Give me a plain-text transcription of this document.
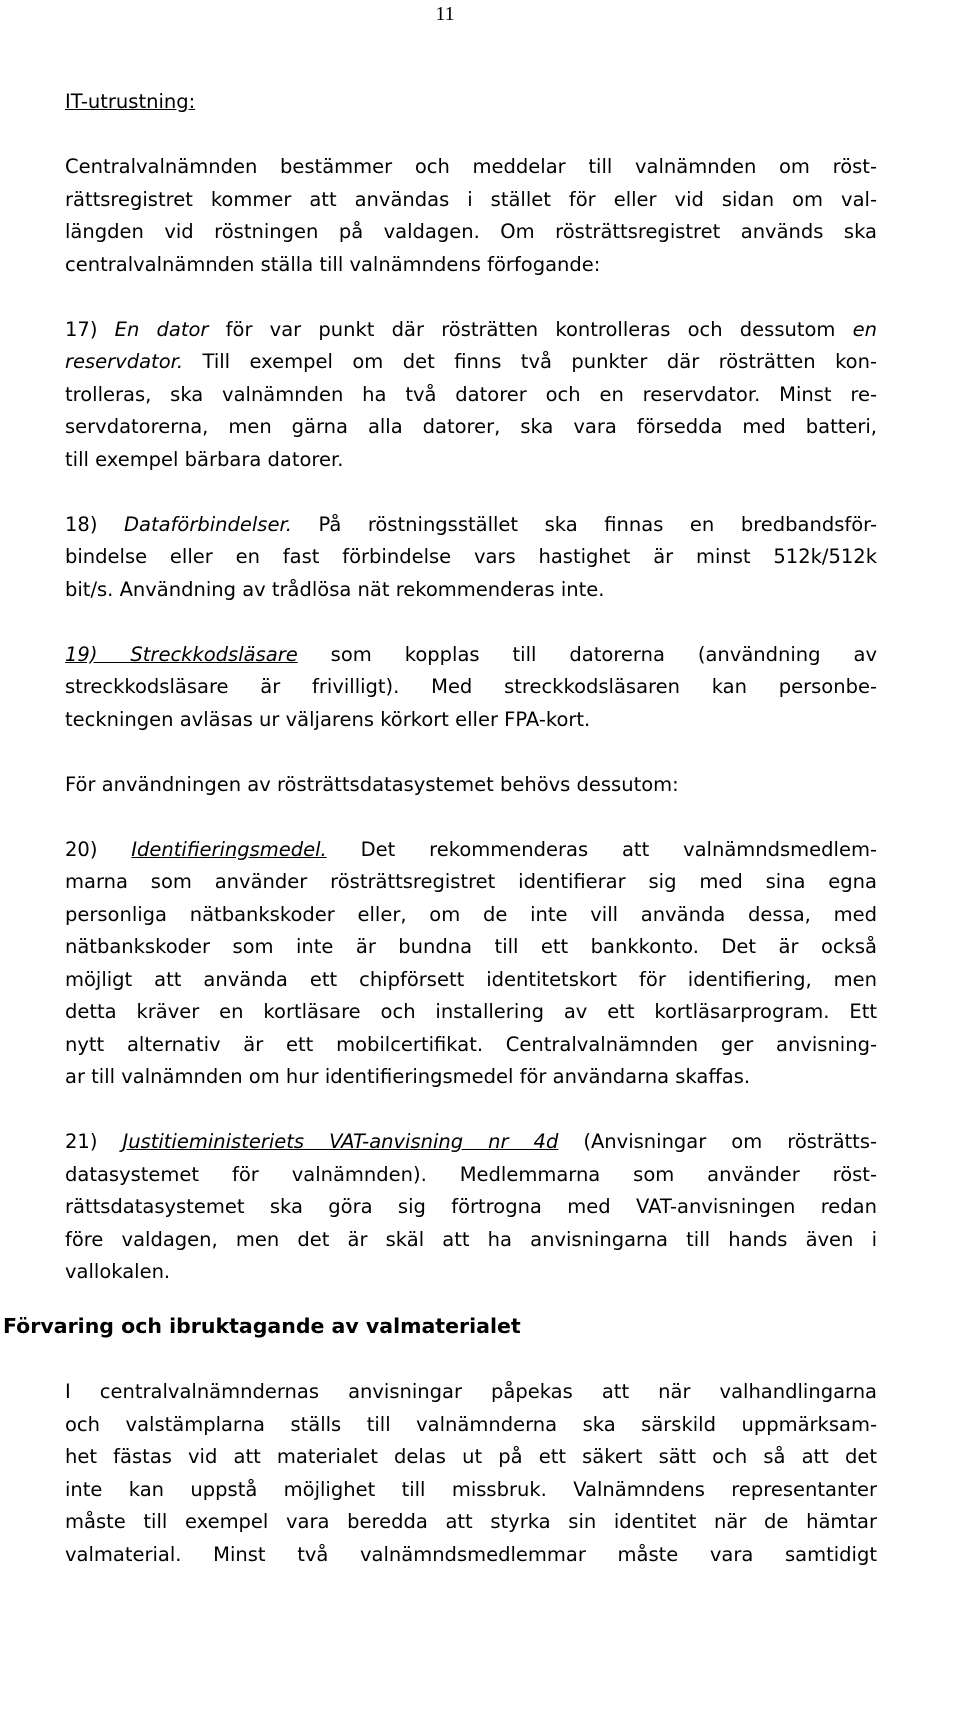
11
IT-utrustning:
Centralvalnämnden bestämmer och meddelar till valnämnden om röst-
rättsregistret kommer att användas i stället för eller vid sidan om val-
längden vid röstningen på valdagen. Om rösträttsregistret används ska
centralvalnämnden ställa till valnämndens förfogande:
17) En dator för var punkt där rösträtten kontrolleras och dessutom en
reservdator. Till exempel om det finns två punkter där rösträtten kon-
trolleras, ska valnämnden ha två datorer och en reservdator. Minst re-
servdatorerna, men gärna alla datorer, ska vara försedda med batteri,
till exempel bärbara datorer.
18) Dataförbindelser. På röstningsstället ska finnas en bredbandsför-
bindelse eller en fast förbindelse vars hastighet är minst 512k/512k
bit/s. Användning av trådlösa nät rekommenderas inte.
19) Streckkodsläsare som kopplas till datorerna (användning av
streckkodsläsare är frivilligt). Med streckkodsläsaren kan personbe-
teckningen avläsas ur väljarens körkort eller FPA-kort.
För användningen av rösträttsdatasystemet behövs dessutom:
20) Identifieringsmedel. Det rekommenderas att valnämndsmedlem-
marna som använder rösträttsregistret identifierar sig med sina egna
personliga nätbankskoder eller, om de inte vill använda dessa, med
nätbankskoder som inte är bundna till ett bankkonto. Det är också
möjligt att använda ett chipförsett identitetskort för identifiering, men
detta kräver en kortläsare och installering av ett kortläsarprogram. Ett
nytt alternativ är ett mobilcertifikat. Centralvalnämnden ger anvisning-
ar till valnämnden om hur identifieringsmedel för användarna skaffas.
21) Justitieministeriets VAT-anvisning nr 4d (Anvisningar om rösträtts-
datasystemet för valnämnden). Medlemmarna som använder röst-
rättsdatasystemet ska göra sig förtrogna med VAT-anvisningen redan
före valdagen, men det är skäl att ha anvisningarna till hands även i
vallokalen.
Förvaring och ibruktagande av valmaterialet
I centralvalnämndernas anvisningar påpekas att när valhandlingarna
och valstämplarna ställs till valnämnderna ska särskild uppmärksam-
het fästas vid att materialet delas ut på ett säkert sätt och så att det
inte kan uppstå möjlighet till missbruk. Valnämndens representanter
måste till exempel vara beredda att styrka sin identitet när de hämtar
valmaterial. Minst två valnämndsmedlemmar måste vara samtidigt
